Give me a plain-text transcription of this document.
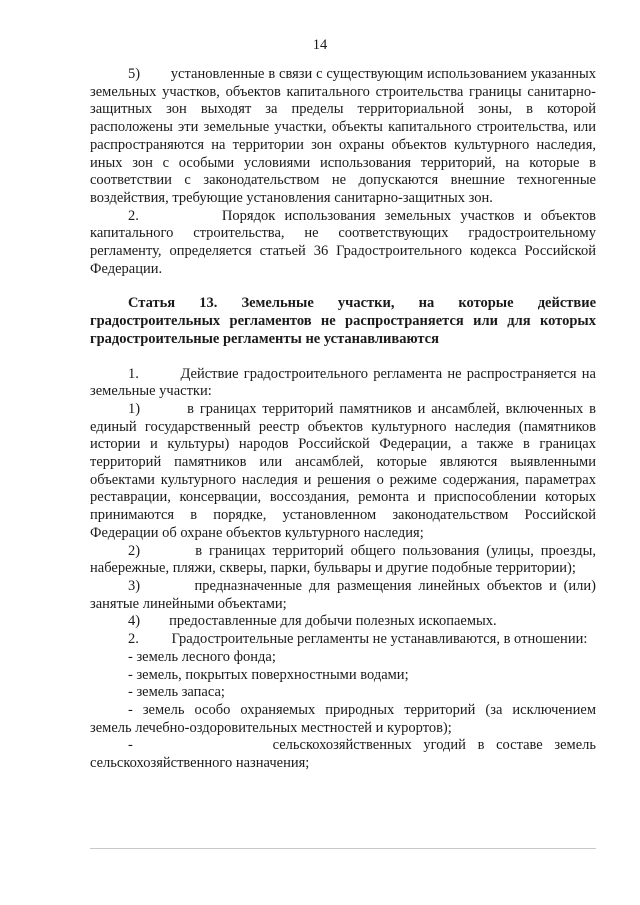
14

5)        установленные в связи с существующим использованием указанных земельных участков, объектов капитального строительства границы санитарно-защитных зон выходят за пределы территориальной зоны, в которой расположены эти земельные участки, объекты капитального строительства, или распространяются на территории зон охраны объектов культурного наследия, иных зон с особыми условиями использования территорий, на которые в соответствии с законодательством не допускаются внешние техногенные воздействия, требующие установления санитарно-защитных зон.

2.         Порядок использования земельных участков и объектов капитального строительства, не соответствующих градостроительному регламенту, определяется статьей 36 Градостроительного кодекса Российской Федерации.

Статья 13. Земельные участки, на которые действие градостроительных регламентов не распространяется или для которых градостроительные регламенты не устанавливаются

1.        Действие градостроительного регламента не распространяется на земельные участки:

1)        в границах территорий памятников и ансамблей, включенных в единый государственный реестр объектов культурного наследия (памятников истории и культуры) народов Российской Федерации, а также в границах территорий памятников или ансамблей, которые являются выявленными объектами культурного наследия и решения о режиме содержания, параметрах реставрации, консервации, воссоздания, ремонта и приспособлении которых принимаются в порядке, установленном законодательством Российской Федерации об охране объектов культурного наследия;

2)        в границах территорий общего пользования (улицы, проезды, набережные, пляжи, скверы, парки, бульвары и другие подобные территории);

3)        предназначенные для размещения линейных объектов и (или) занятые линейными объектами;

4)        предоставленные для добычи полезных ископаемых.

2.         Градостроительные регламенты не устанавливаются, в отношении:

- земель лесного фонда;

- земель, покрытых поверхностными водами;

- земель запаса;

- земель особо охраняемых природных территорий (за исключением земель лечебно-оздоровительных местностей и курортов);

-            сельскохозяйственных угодий в составе земель сельскохозяйственного назначения;
